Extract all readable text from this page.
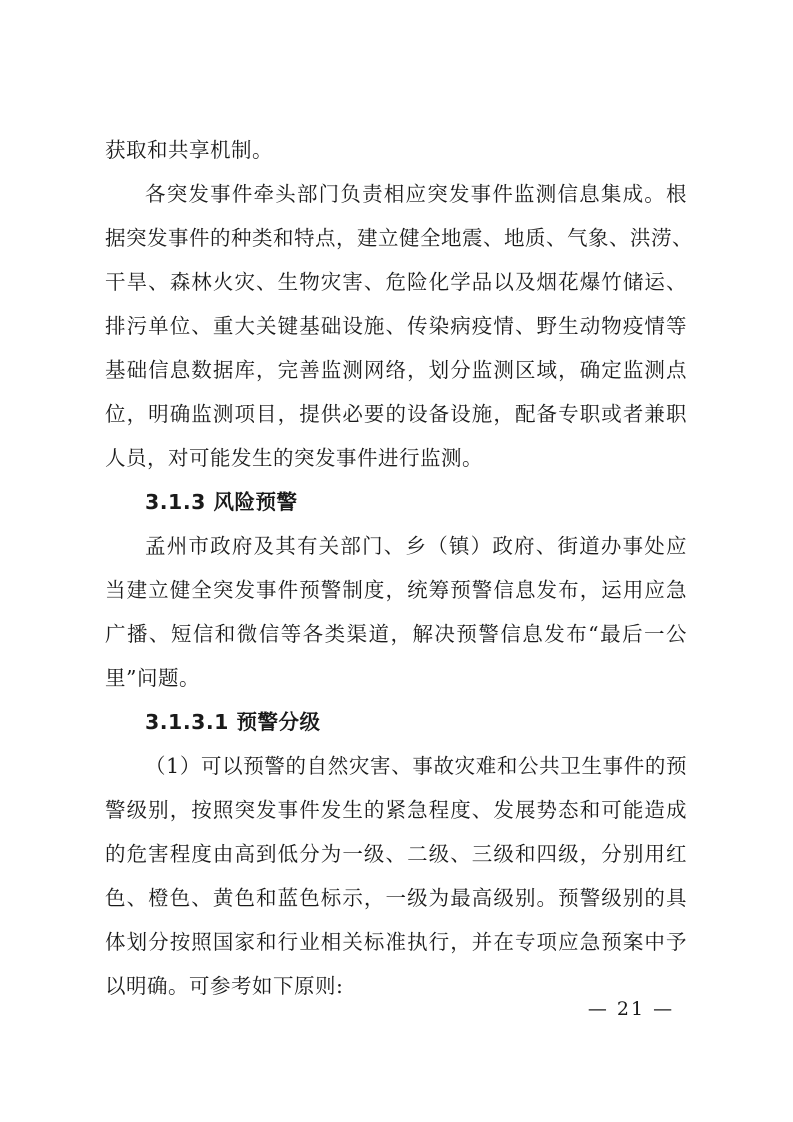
获取和共享机制。
各突发事件牵头部门负责相应突发事件监测信息集成。根
据突发事件的种类和特点，建立健全地震、地质、气象、洪涝、
干旱、森林火灾、生物灾害、危险化学品以及烟花爆竹储运、
排污单位、重大关键基础设施、传染病疫情、野生动物疫情等
基础信息数据库，完善监测网络，划分监测区域，确定监测点
位，明确监测项目，提供必要的设备设施，配备专职或者兼职
人员，对可能发生的突发事件进行监测。
3.1.3 风险预警
孟州市政府及其有关部门、乡（镇）政府、街道办事处应
当建立健全突发事件预警制度，统筹预警信息发布，运用应急
广播、短信和微信等各类渠道，解决预警信息发布“最后一公
里”问题。
3.1.3.1 预警分级
（1）可以预警的自然灾害、事故灾难和公共卫生事件的预
警级别，按照突发事件发生的紧急程度、发展势态和可能造成
的危害程度由高到低分为一级、二级、三级和四级，分别用红
色、橙色、黄色和蓝色标示，一级为最高级别。预警级别的具
体划分按照国家和行业相关标准执行，并在专项应急预案中予
以明确。可参考如下原则:
— 21 —
